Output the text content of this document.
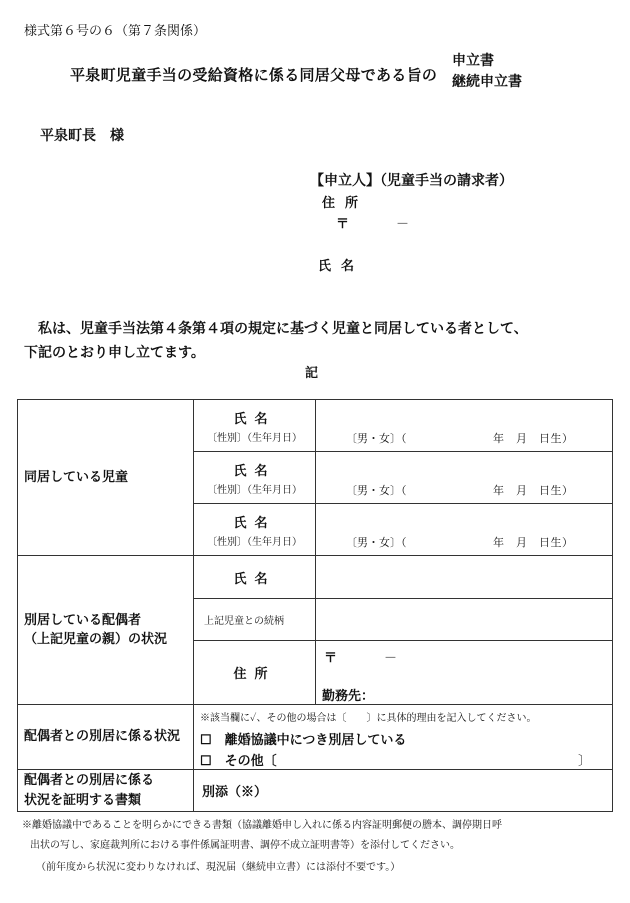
様式第６号の６（第７条関係）
平泉町児童手当の受給資格に係る同居父母である旨の
申立書
継続申立書
平泉町長　様
【申立人】（児童手当の請求者）
住所
〒	－
氏名
私は、児童手当法第４条第４項の規定に基づく児童と同居している者として、
下記のとおり申し立てます。
記
同居している児童	氏名
〔性別〕（生年月日）	〔男・女〕（ 年　月　日生）

	氏名
〔性別〕（生年月日）	〔男・女〕（ 年　月　日生）

	氏名
〔性別〕（生年月日）	〔男・女〕（ 年　月　日生）

別居している配偶者
（上記児童の親）の状況	氏名	

	上記児童との続柄	

	住所	〒 －
勤務先：

配偶者との別居に係る状況	※該当欄に✓、その他の場合は〔　　〕に具体的理由を記入してください。
☐　離婚協議中につき別居している
☐　その他〔 〕	

配偶者との別居に係る
状況を証明する書類	別添（※）	
※離婚協議中であることを明らかにできる書類（協議離婚申し入れに係る内容証明郵便の謄本、調停期日呼
出状の写し、家庭裁判所における事件係属証明書、調停不成立証明書等）を添付してください。
（前年度から状況に変わりなければ、現況届（継続申立書）には添付不要です。）
